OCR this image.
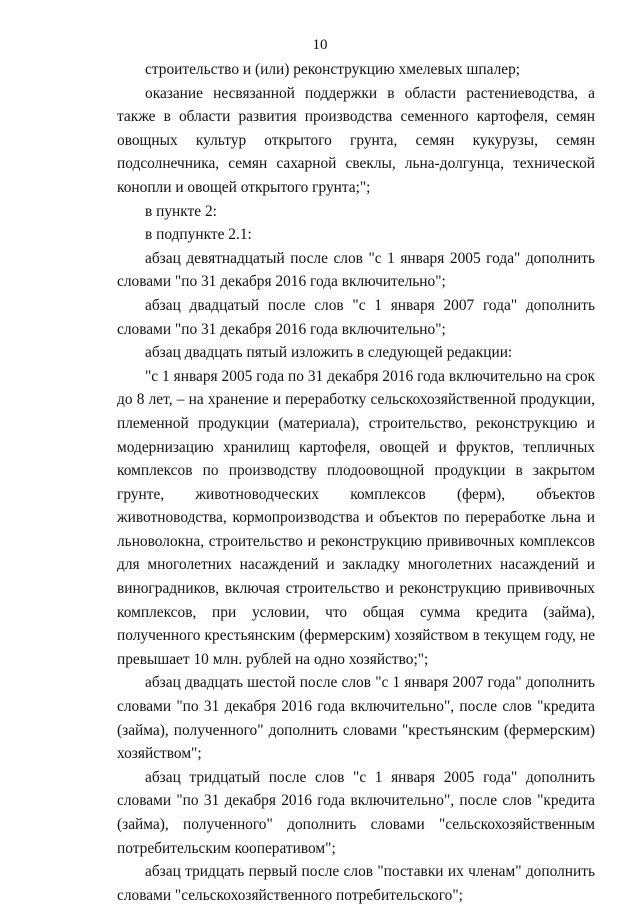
10

строительство и (или) реконструкцию хмелевых шпалер;

оказание несвязанной поддержки в области растениеводства, а также в области развития производства семенного картофеля, семян овощных культур открытого грунта, семян кукурузы, семян подсолнечника, семян сахарной свеклы, льна-долгунца, технической конопли и овощей открытого грунта;";

в пункте 2:

в подпункте 2.1:

абзац девятнадцатый после слов "с 1 января 2005 года" дополнить словами "по 31 декабря 2016 года включительно";

абзац двадцатый после слов "с 1 января 2007 года" дополнить словами "по 31 декабря 2016 года включительно";

абзац двадцать пятый изложить в следующей редакции:

"с 1 января 2005 года по 31 декабря 2016 года включительно на срок до 8 лет, – на хранение и переработку сельскохозяйственной продукции, племенной продукции (материала), строительство, реконструкцию и модернизацию хранилищ картофеля, овощей и фруктов, тепличных комплексов по производству плодоовощной продукции в закрытом грунте, животноводческих комплексов (ферм), объектов животноводства, кормопроизводства и объектов по переработке льна и льноволокна, строительство и реконструкцию прививочных комплексов для многолетних насаждений и закладку многолетних насаждений и виноградников, включая строительство и реконструкцию прививочных комплексов, при условии, что общая сумма кредита (займа), полученного крестьянским (фермерским) хозяйством в текущем году, не превышает 10 млн. рублей на одно хозяйство;";

абзац двадцать шестой после слов "с 1 января 2007 года" дополнить словами "по 31 декабря 2016 года включительно", после слов "кредита (займа), полученного" дополнить словами "крестьянским (фермерским) хозяйством";

абзац тридцатый после слов "с 1 января 2005 года" дополнить словами "по 31 декабря 2016 года включительно", после слов "кредита (займа), полученного" дополнить словами "сельскохозяйственным потребительским кооперативом";

абзац тридцать первый после слов "поставки их членам" дополнить словами "сельскохозяйственного потребительского";
